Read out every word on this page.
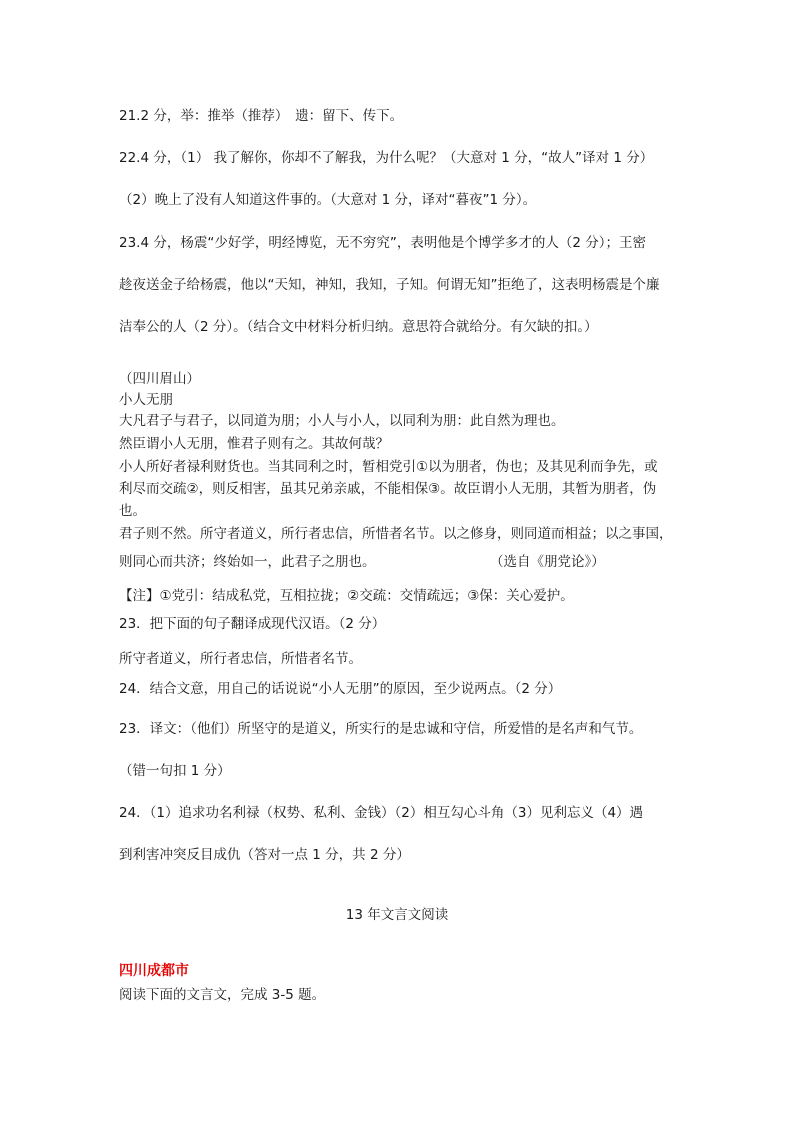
21.2 分，举：推举（推荐）　遗：留下、传下。
22.4 分，（1） 我了解你，你却不了解我，为什么呢？（大意对 1 分，“故人”译对 1 分）
（2）晚上了没有人知道这件事的。（大意对 1 分，译对“暮夜”1 分）。
23.4 分，杨震“少好学，明经博览，无不穷究”，表明他是个博学多才的人（2 分）；王密
趁夜送金子给杨震，他以“天知，神知，我知，子知。何谓无知”拒绝了，这表明杨震是个廉
洁奉公的人（2 分）。（结合文中材料分析归纳。意思符合就给分。有欠缺的扣。）
（四川眉山）
小人无朋
大凡君子与君子，以同道为朋；小人与小人，以同利为朋：此自然为理也。
然臣谓小人无朋，惟君子则有之。其故何哉？
小人所好者禄利财货也。当其同利之时，暂相党引①以为朋者，伪也；及其见利而争先，或
利尽而交疏②，则反相害，虽其兄弟亲戚，不能相保③。故臣谓小人无朋，其暂为朋者，伪
也。
君子则不然。所守者道义，所行者忠信，所惜者名节。以之修身，则同道而相益；以之事国，
则同心而共济；终始如一，此君子之朋也。	（选自《朋党论》）
【注】①党引：结成私党，互相拉拢；②交疏：交情疏远；③保：关心爱护。
23．把下面的句子翻译成现代汉语。（2 分）
所守者道义，所行者忠信，所惜者名节。
24．结合文意，用自己的话说说“小人无朋”的原因，至少说两点。（2 分）
23．译文：（他们）所坚守的是道义，所实行的是忠诚和守信，所爱惜的是名声和气节。
（错一句扣 1 分）
24．（1）追求功名利禄（权势、私利、金钱）（2）相互勾心斗角（3）见利忘义（4）遇
到利害冲突反目成仇（答对一点 1 分，共 2 分）
13 年文言文阅读
四川成都市
阅读下面的文言文，完成 3-5 题。
